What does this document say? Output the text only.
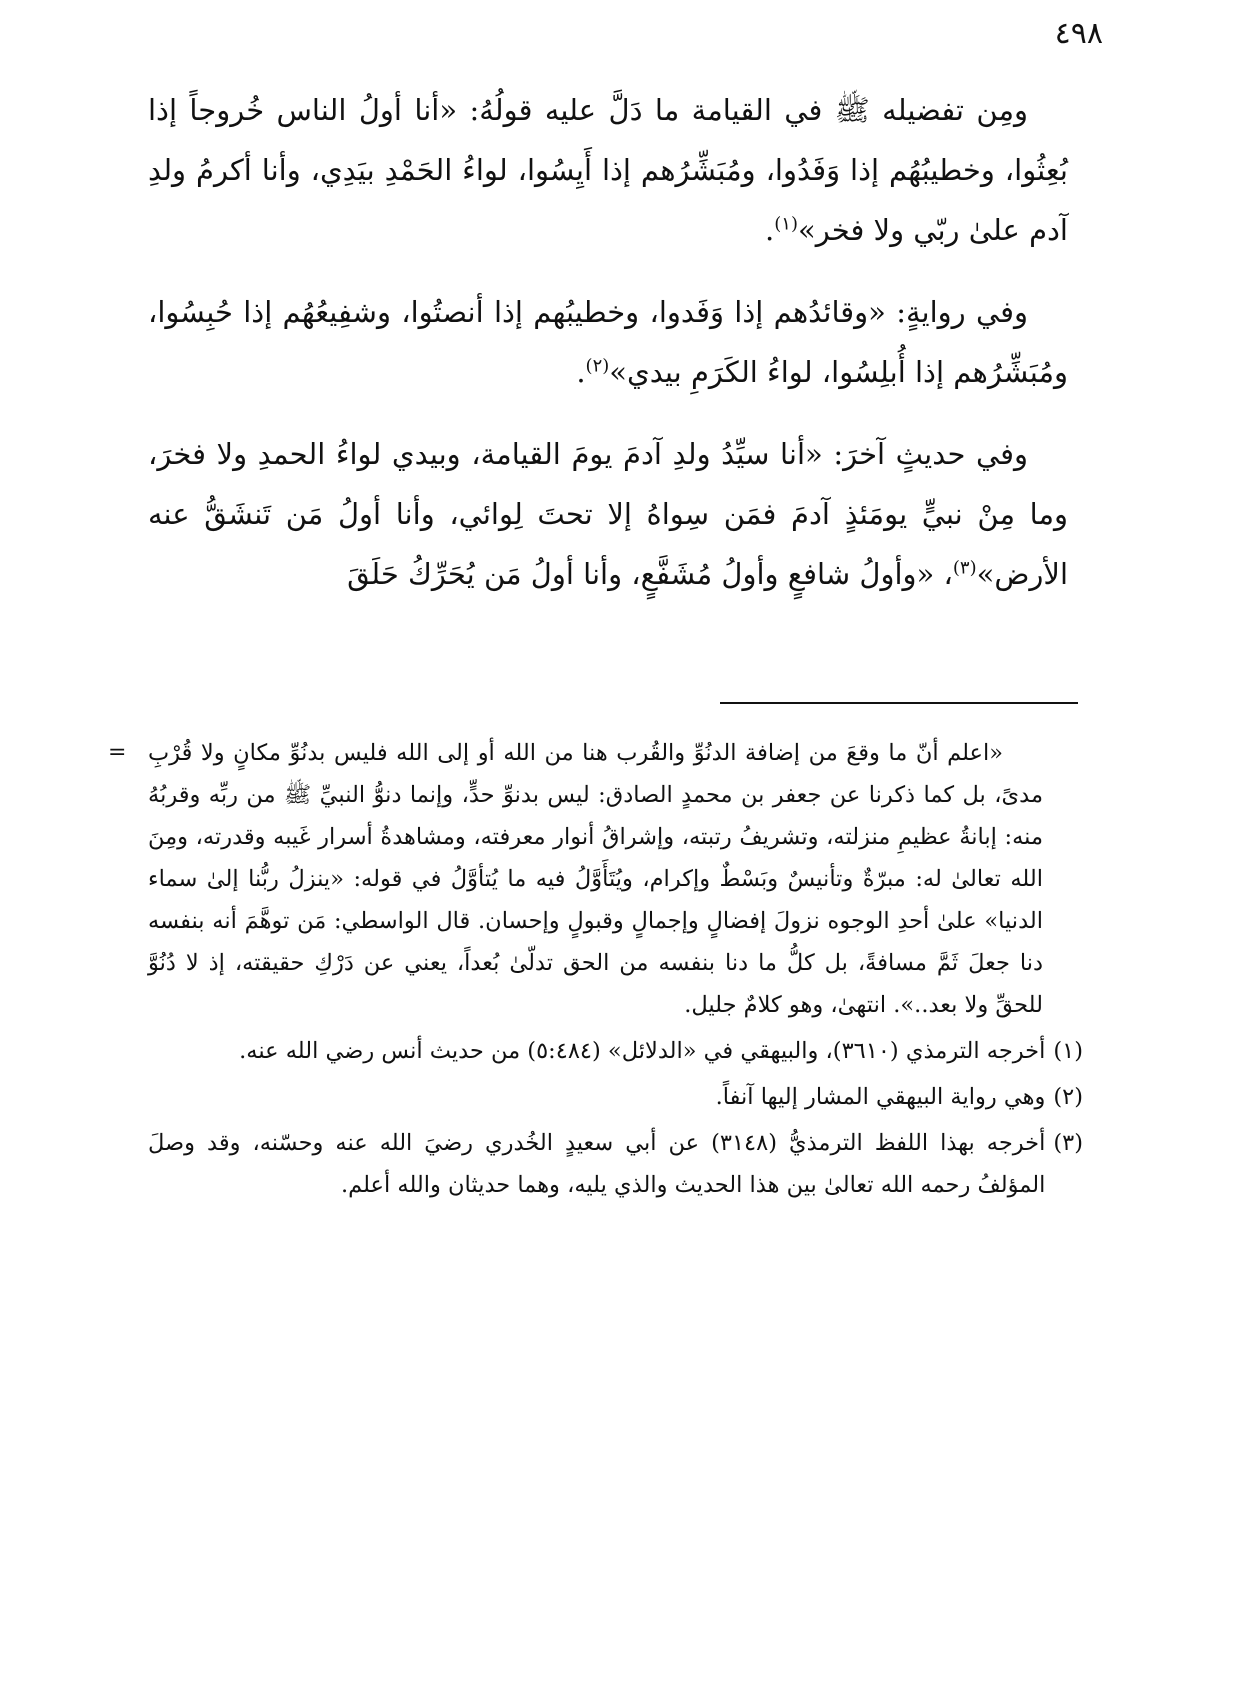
٤٩٨

ومِن تفضيله ﷺ في القيامة ما دَلَّ عليه قولُهُ: «أنا أولُ الناس خُروجاً إذا بُعِثُوا، وخطيبُهُم إذا وَفَدُوا، ومُبَشِّرُهم إذا أَيِسُوا، لواءُ الحَمْدِ بيَدِي، وأنا أكرمُ ولدِ آدم علىٰ ربّي ولا فخر»$^{(١)}$.

وفي روايةٍ: «وقائدُهم إذا وَفَدوا، وخطيبُهم إذا أنصتُوا، وشفِيعُهُم إذا حُبِسُوا، ومُبَشِّرُهم إذا أُبلِسُوا، لواءُ الكَرَمِ بيدي»$^{(٢)}$.

وفي حديثٍ آخرَ: «أنا سيِّدُ ولدِ آدمَ يومَ القيامة، وبيدي لواءُ الحمدِ ولا فخرَ، وما مِنْ نبيٍّ يومَئذٍ آدمَ فمَن سِواهُ إلا تحتَ لِوائي، وأنا أولُ مَن تَنشَقُّ عنه الأرض»$^{(٣)}$، «وأولُ شافعٍ وأولُ مُشَفَّعٍ، وأنا أولُ مَن يُحَرِّكُ حَلَقَ

= «اعلم أنّ ما وقعَ من إضافة الدنُوِّ والقُرب هنا من الله أو إلى الله فليس بدنُوِّ مكانٍ ولا قُرْبِ مدىً، بل كما ذكرنا عن جعفر بن محمدٍ الصادق: ليس بدنوِّ حدٍّ، وإنما دنوُّ النبيِّ ﷺ من ربِّه وقربُهُ منه: إبانةُ عظيمِ منزلته، وتشريفُ رتبته، وإشراقُ أنوار معرفته، ومشاهدةُ أسرار غَيبه وقدرته، ومِنَ الله تعالىٰ له: مبرّةٌ وتأنيسٌ وبَسْطٌ وإكرام، ويُتَأَوَّلُ فيه ما يُتأوَّلُ في قوله: «ينزلُ ربُّنا إلىٰ سماء الدنيا» علىٰ أحدِ الوجوه نزولَ إفضالٍ وإجمالٍ وقبولٍ وإحسان. قال الواسطي: مَن توهَّمَ أنه بنفسه دنا جعلَ ثَمَّ مسافةً، بل كلُّ ما دنا بنفسه من الحق تدلّىٰ بُعداً، يعني عن دَرْكِ حقيقته، إذ لا دُنُوَّ للحقِّ ولا بعد..». انتهىٰ، وهو كلامٌ جليل.
(١)
أخرجه الترمذي (٣٦١٠)، والبيهقي في «الدلائل» (٥:٤٨٤) من حديث أنس رضي الله عنه.
(٢)
وهي رواية البيهقي المشار إليها آنفاً.
(٣)
أخرجه بهذا اللفظ الترمذيُّ (٣١٤٨) عن أبي سعيدٍ الخُدري رضيَ الله عنه وحسّنه، وقد وصلَ المؤلفُ رحمه الله تعالىٰ بين هذا الحديث والذي يليه، وهما حديثان والله أعلم.
